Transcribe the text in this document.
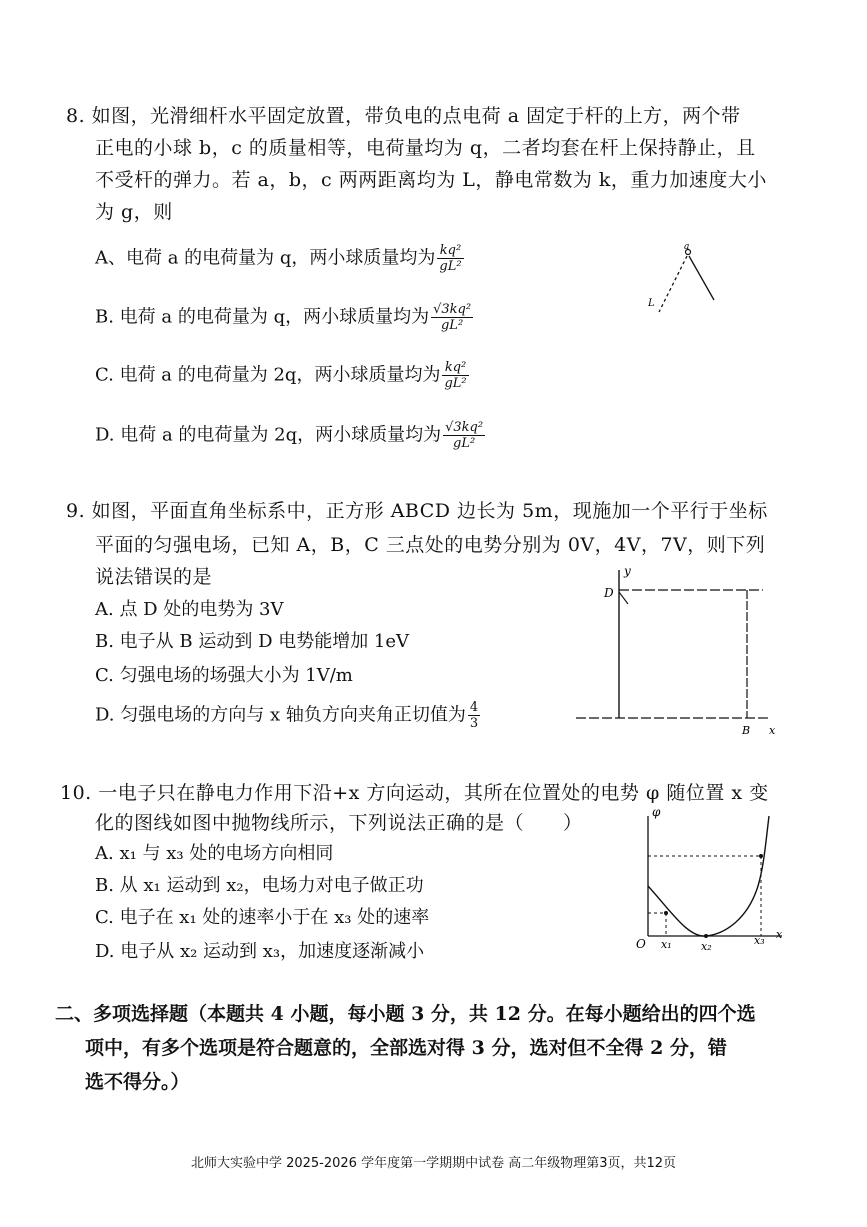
8. 如图，光滑细杆水平固定放置，带负电的点电荷 a 固定于杆的上方，两个带
正电的小球 b，c 的质量相等，电荷量均为 q，二者均套在杆上保持静止，且
不受杆的弹力。若 a，b，c 两两距离均为 L，静电常数为 k，重力加速度大小
为 g，则
A、电荷 a 的电荷量为 q，两小球质量均为 $\frac{\text{kq²}}{\text{gL²}}$
B. 电荷 a 的电荷量为 q，两小球质量均为 $\frac{\text{√3kq²}}{\text{gL²}}$
C. 电荷 a 的电荷量为 2q，两小球质量均为 $\frac{\text{kq²}}{\text{gL²}}$
D. 电荷 a 的电荷量为 2q，两小球质量均为 $\frac{\text{√3kq²}}{\text{gL²}}$
a
L
9. 如图，平面直角坐标系中，正方形 ABCD 边长为 5m，现施加一个平行于坐标
平面的匀强电场，已知 A，B，C 三点处的电势分别为 0V，4V，7V，则下列
说法错误的是
A. 点 D 处的电势为 3V
B. 电子从 B 运动到 D 电势能增加 1eV
C. 匀强电场的场强大小为 1V/m
D. 匀强电场的方向与 x 轴负方向夹角正切值为 $\frac{4}{3}$
y
D
B x
10. 一电子只在静电力作用下沿+x 方向运动，其所在位置处的电势 φ 随位置 x 变
化的图线如图中抛物线所示，下列说法正确的是（　　）
A. x₁ 与 x₃ 处的电场方向相同
B. 从 x₁ 运动到 x₂，电场力对电子做正功
C. 电子在 x₁ 处的速率小于在 x₃ 处的速率
D. 电子从 x₂ 运动到 x₃，加速度逐渐减小
φ
O x₁	x₂	x₃ x
二、多项选择题（本题共 4 小题，每小题 3 分，共 12 分。在每小题给出的四个选
项中，有多个选项是符合题意的，全部选对得 3 分，选对但不全得 2 分，错
选不得分。）
北师大实验中学 2025-2026 学年度第一学期期中试卷 高二年级物理第3页，共12页
